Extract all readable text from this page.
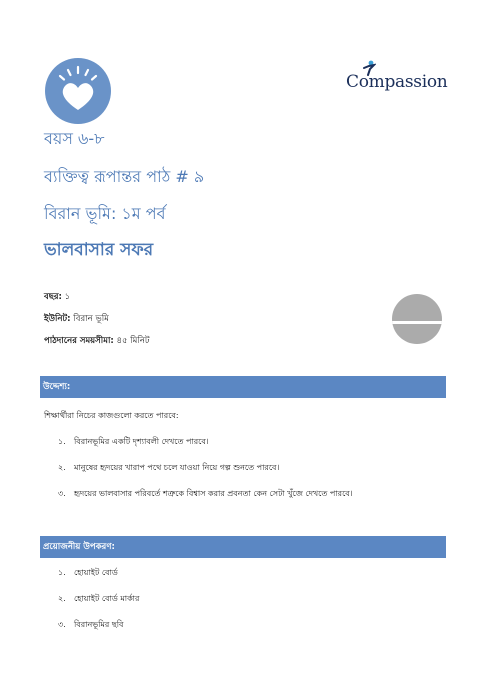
Compassion
বয়স ৬-৮
ব্যক্তিত্ব রূপান্তর পাঠ # ৯
বিরান ভূমি: ১ম পর্ব
ভালবাসার সফর
বছর: ১
ইউনিট: বিরান ভূমি
পাঠদানের সময়সীমা: ৪৫ মিনিট
উদ্দেশ্য:
শিক্ষার্থীরা নিচের কাজগুলো করতে পারবে:
১. বিরানভূমির একটি দৃশ্যাবলী দেখতে পারবে।
২. মানুষের হৃদয়ের খারাপ পথে চলে যাওয়া নিয়ে গল্প শুনতে পারবে।
৩. হৃদয়ের ভালবাসার পরিবর্তে শত্রুকে বিশ্বাস করার প্রবনতা কেন সেটা খুঁজে দেখতে পারবে।
প্রয়োজনীয় উপকরণ:
১. হোয়াইট বোর্ড
২. হোয়াইট বোর্ড মার্কার
৩. বিরানভূমির ছবি
